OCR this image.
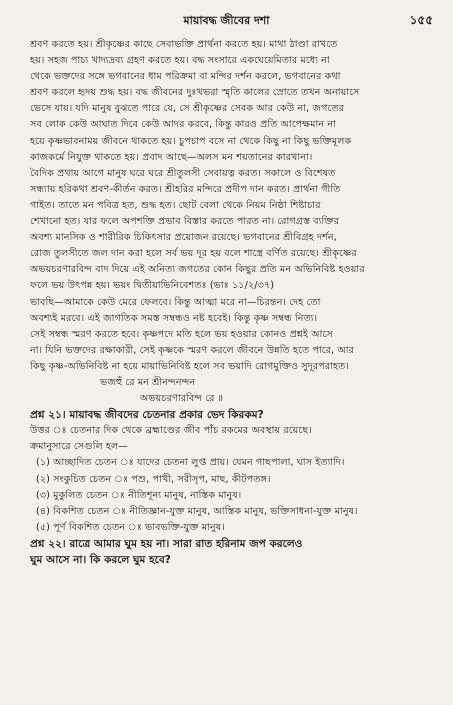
মায়াবদ্ধ জীবের দশা	১৫৫
শ্রবণ করতে হয়। শ্রীকৃষ্ণের কাছে সেবাভক্তি প্রার্থনা করতে হয়। মাথা ঠাণ্ডা রাখতে
হয়। সহজ পাচ্য খাদ্যদ্রব্য গ্রহণ করতে হয়। বদ্ধ সংসারে একঘেয়েমিতার মধ্যে না
থেকে ভক্তদের সঙ্গে ভগবানের ধাম পরিক্রমা বা মন্দির দর্শন করলে, ভগবানের কথা
শ্রবণ করলে হৃদয় শুদ্ধ হয়। বদ্ধ জীবনের দুঃখভরা স্মৃতি কালের স্রোতে তখন অনায়াসে
ভেসে যায়। যদি মানুষ বুঝতে পারে যে, সে শ্রীকৃষ্ণের সেবক আর কেউ না, জগতের
সব লোক কেউ আঘাত দিবে কেউ আদর করবে, কিন্তু কারও প্রতি আপেক্ষমান না
হয়ে কৃষ্ণভাবনাময় জীবনে থাকতে হয়। চুপচাপ বসে না থেকে কিছু না কিছু ভক্তিমূলক
কাজকর্মে নিযুক্ত থাকতে হয়। প্রবাদ আছে—অলস মন শয়তানের কারখানা।
বৈদিক প্রথায় আগে মানুষ ঘরে ঘরে শ্রীতুলসী সেবায়ত্ন করত। সকালে ও বিশেষত
সন্ধ্যায় হরিকথা শ্রবণ-কীর্তন করত। শ্রীহরির মন্দিরে প্রদীপ দান করত। প্রার্থনা গীতি
গাইত। তাতে মন পবিত্র হত, শুদ্ধ হত। ছোট বেলা থেকে নিয়ম নিষ্ঠা শিষ্টাচার
শেখানো হত। যার ফলে অপশক্তি প্রভাব বিস্তার করতে পারত না। রোগগ্রস্ত ব্যক্তির
অবশ্য মানসিক ও শারীরিক চিকিৎসার প্রয়োজন রয়েছে। ভগবানের শ্রীবিগ্রহ দর্শন,
রোজ তুলসীতে জল দান করা হলে সর্ব ভয় দূর হয় বলে শাস্ত্রে বর্ণিত রয়েছে। শ্রীকৃষ্ণের
অভয়চরণারবিন্দ বাদ দিয়ে এই অনিত্য জগতের কোন কিছুর প্রতি মন অভিনিবিষ্ট হওয়ার
ফলে ভয় উৎপন্ন হয়। ভয়ং দ্বিতীয়াভিনিবেশতঃ (ভাঃ ১১/২/৩৭)
ভাবছি—আমাকে কেউ মেরে ফেলবে। কিন্তু আত্মা মরে না—চিরন্তন। দেহ তো
অবশ্যই মরবে। এই জাগতিক সমস্ত সম্বন্ধও নষ্ট হবেই। কিন্তু কৃষ্ণ সম্বন্ধ নিত্য।
সেই সম্বন্ধ স্মরণ করতে হবে। কৃষ্ণপদে মতি হলে ভয় হওয়ার কোনও প্রশ্নই আসে
না। যিনি ভক্তদের রক্ষাকারী, সেই কৃষ্ণকে স্মরণ করলে জীবনে উন্নতি হতে পারে, আর
কিছু কৃষ্ণ-অভিনিবিষ্ট না হয়ে মায়াভিনিবিষ্ট হলে সব ভয়াদি রোগমুক্তিও সুদূরপরাহত।
ভজহুঁ রে মন শ্রীনন্দনন্দন
অভয়চরণারবিন্দ রে ॥
প্রশ্ন ২১। মায়াবদ্ধ জীবদের চেতনার প্রকার ভেদ কিরকম?
উত্তর ঃ চেতনার দিক থেকে ব্রহ্মাণ্ডের জীব পাঁচ রকমের অবস্থায় রয়েছে।
ক্রমানুসারে সেগুলি হল—
(১) আচ্ছাদিত চেতন ঃ যাদের চেতনা লুপ্ত প্রায়। যেমন গাছপালা, ঘাস ইত্যাদি।
(২) সংকুচিত চেতন ঃ পশু, পাখী, সরীসৃপ, মাছ, কীটপতঙ্গ।
(৩) মুকুলিত চেতন ঃ নীতিশূন্য মানুষ, নাস্তিক মানুষ।
(৪) বিকশিত চেতন ঃ নীতিজ্ঞান-যুক্ত মানুষ, আস্তিক মানুষ, ভক্তিসাধনা-যুক্ত মানুষ।
(৫) পূর্ণ বিকশিত চেতন ঃ ভাবভক্তি-যুক্ত মানুষ।
প্রশ্ন ২২। রাত্রে আমার ঘুম হয় না। সারা রাত হরিনাম জপ করলেও
ঘুম আসে না। কি করলে ঘুম হবে?
